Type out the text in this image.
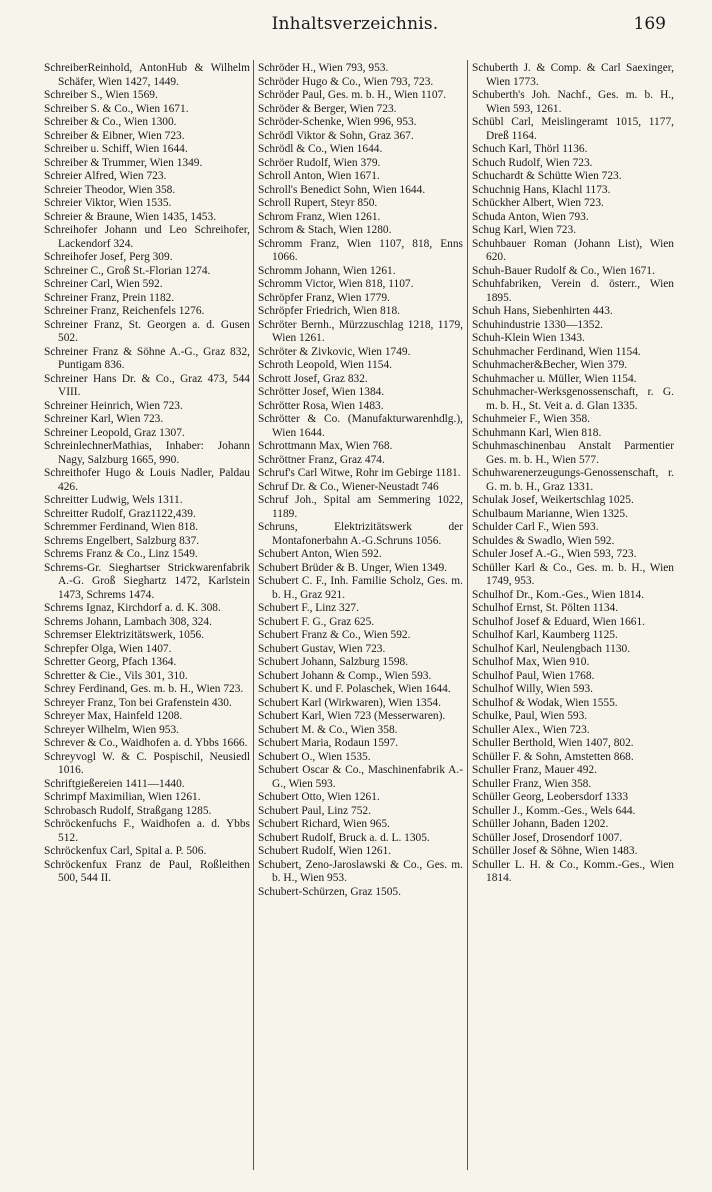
Inhaltsverzeichnis.	169

SchreiberReinhold, AntonHub & Wilhelm Schäfer, Wien 1427, 1449.

Schreiber S., Wien 1569.

Schreiber S. & Co., Wien 1671.

Schreiber & Co., Wien 1300.

Schreiber & Eibner, Wien 723.

Schreiber u. Schiff, Wien 1644.

Schreiber & Trummer, Wien 1349.

Schreier Alfred, Wien 723.

Schreier Theodor, Wien 358.

Schreier Viktor, Wien 1535.

Schreier & Braune, Wien 1435, 1453.

Schreihofer Johann und Leo Schreihofer, Lackendorf 324.

Schreihofer Josef, Perg 309.

Schreiner C., Groß St.-Florian 1274.

Schreiner Carl, Wien 592.

Schreiner Franz, Prein 1182.

Schreiner Franz, Reichenfels 1276.

Schreiner Franz, St. Georgen a. d. Gusen 502.

Schreiner Franz & Söhne A.-G., Graz 832, Puntigam 836.

Schreiner Hans Dr. & Co., Graz 473, 544 VIII.

Schreiner Heinrich, Wien 723.

Schreiner Karl, Wien 723.

Schreiner Leopold, Graz 1307.

SchreinlechnerMathias, Inhaber: Johann Nagy, Salzburg 1665, 990.

Schreithofer Hugo & Louis Nadler, Paldau 426.

Schreitter Ludwig, Wels 1311.

Schreitter Rudolf, Graz1122,439.

Schremmer Ferdinand, Wien 818.

Schrems Engelbert, Salzburg 837.

Schrems Franz & Co., Linz 1549.

Schrems-Gr. Sieghartser Strickwarenfabrik A.-G. Groß Sieghartz 1472, Karlstein 1473, Schrems 1474.

Schrems Ignaz, Kirchdorf a. d. K. 308.

Schrems Johann, Lambach 308, 324.

Schremser Elektrizitätswerk, 1056.

Schrepfer Olga, Wien 1407.

Schretter Georg, Pfach 1364.

Schretter & Cie., Vils 301, 310.

Schrey Ferdinand, Ges. m. b. H., Wien 723.

Schreyer Franz, Ton bei Grafenstein 430.

Schreyer Max, Hainfeld 1208.

Schreyer Wilhelm, Wien 953.

Schrever & Co., Waidhofen a. d. Ybbs 1666.

Schreyvogl W. & C. Pospischil, Neusiedl 1016.

Schriftgießereien 1411—1440.

Schrimpf Maximilian, Wien 1261.

Schrobasch Rudolf, Straßgang 1285.

Schröckenfuchs F., Waidhofen a. d. Ybbs 512.

Schröckenfux Carl, Spital a. P. 506.

Schröckenfux Franz de Paul, Roßleithen 500, 544 II.

Schröder H., Wien 793, 953.

Schröder Hugo & Co., Wien 793, 723.

Schröder Paul, Ges. m. b. H., Wien 1107.

Schröder & Berger, Wien 723.

Schröder-Schenke, Wien 996, 953.

Schrödl Viktor & Sohn, Graz 367.

Schrödl & Co., Wien 1644.

Schröer Rudolf, Wien 379.

Schroll Anton, Wien 1671.

Schroll's Benedict Sohn, Wien 1644.

Schroll Rupert, Steyr 850.

Schrom Franz, Wien 1261.

Schrom & Stach, Wien 1280.

Schromm Franz, Wien 1107, 818, Enns 1066.

Schromm Johann, Wien 1261.

Schromm Victor, Wien 818, 1107.

Schröpfer Franz, Wien 1779.

Schröpfer Friedrich, Wien 818.

Schröter Bernh., Mürzzuschlag 1218, 1179, Wien 1261.

Schröter & Zivkovic, Wien 1749.

Schroth Leopold, Wien 1154.

Schrott Josef, Graz 832.

Schrötter Josef, Wien 1384.

Schrötter Rosa, Wien 1483.

Schrötter & Co. (Manufakturwarenhdlg.), Wien 1644.

Schrottmann Max, Wien 768.

Schröttner Franz, Graz 474.

Schruf's Carl Witwe, Rohr im Gebirge 1181.

Schruf Dr. & Co., Wiener-Neustadt 746

Schruf Joh., Spital am Semmering 1022, 1189.

Schruns, Elektrizitätswerk der Montafonerbahn A.-G.Schruns 1056.

Schubert Anton, Wien 592.

Schubert Brüder & B. Unger, Wien 1349.

Schubert C. F., Inh. Familie Scholz, Ges. m. b. H., Graz 921.

Schubert F., Linz 327.

Schubert F. G., Graz 625.

Schubert Franz & Co., Wien 592.

Schubert Gustav, Wien 723.

Schubert Johann, Salzburg 1598.

Schubert Johann & Comp., Wien 593.

Schubert K. und F. Polaschek, Wien 1644.

Schubert Karl (Wirkwaren), Wien 1354.

Schubert Karl, Wien 723 (Messerwaren).

Schubert M. & Co., Wien 358.

Schubert Maria, Rodaun 1597.

Schubert O., Wien 1535.

Schubert Oscar & Co., Maschinenfabrik A.-G., Wien 593.

Schubert Otto, Wien 1261.

Schubert Paul, Linz 752.

Schubert Richard, Wien 965.

Schubert Rudolf, Bruck a. d. L. 1305.

Schubert Rudolf, Wien 1261.

Schubert, Zeno-Jaroslawski & Co., Ges. m. b. H., Wien 953.

Schubert-Schürzen, Graz 1505.

Schuberth J. & Comp. & Carl Saexinger, Wien 1773.

Schuberth's Joh. Nachf., Ges. m. b. H., Wien 593, 1261.

Schübl Carl, Meislingeramt 1015, 1177, Dreß 1164.

Schuch Karl, Thörl 1136.

Schuch Rudolf, Wien 723.

Schuchardt & Schütte Wien 723.

Schuchnig Hans, Klachl 1173.

Schückher Albert, Wien 723.

Schuda Anton, Wien 793.

Schug Karl, Wien 723.

Schuhbauer Roman (Johann List), Wien 620.

Schuh-Bauer Rudolf & Co., Wien 1671.

Schuhfabriken, Verein d. österr., Wien 1895.

Schuh Hans, Siebenhirten 443.

Schuhindustrie 1330—1352.

Schuh-Klein Wien 1343.

Schuhmacher Ferdinand, Wien 1154.

Schuhmacher&Becher, Wien 379.

Schuhmacher u. Müller, Wien 1154.

Schuhmacher-Werksgenossenschaft, r. G. m. b. H., St. Veit a. d. Glan 1335.

Schuhmeier F., Wien 358.

Schuhmann Karl, Wien 818.

Schuhmaschinenbau Anstalt Parmentier Ges. m. b. H., Wien 577.

Schuhwarenerzeugungs-Genossenschaft, r. G. m. b. H., Graz 1331.

Schulak Josef, Weikertschlag 1025.

Schulbaum Marianne, Wien 1325.

Schulder Carl F., Wien 593.

Schuldes & Swadlo, Wien 592.

Schuler Josef A.-G., Wien 593, 723.

Schüller Karl & Co., Ges. m. b. H., Wien 1749, 953.

Schulhof Dr., Kom.-Ges., Wien 1814.

Schulhof Ernst, St. Pölten 1134.

Schulhof Josef & Eduard, Wien 1661.

Schulhof Karl, Kaumberg 1125.

Schulhof Karl, Neulengbach 1130.

Schulhof Max, Wien 910.

Schulhof Paul, Wien 1768.

Schulhof Willy, Wien 593.

Schulhof & Wodak, Wien 1555.

Schulke, Paul, Wien 593.

Schuller Alex., Wien 723.

Schuller Berthold, Wien 1407, 802.

Schüller F. & Sohn, Amstetten 868.

Schuller Franz, Mauer 492.

Schuller Franz, Wien 358.

Schüller Georg, Leobersdorf 1333

Schuller J., Komm.-Ges., Wels 644.

Schüller Johann, Baden 1202.

Schüller Josef, Drosendorf 1007.

Schüller Josef & Söhne, Wien 1483.

Schuller L. H. & Co., Komm.-Ges., Wien 1814.
